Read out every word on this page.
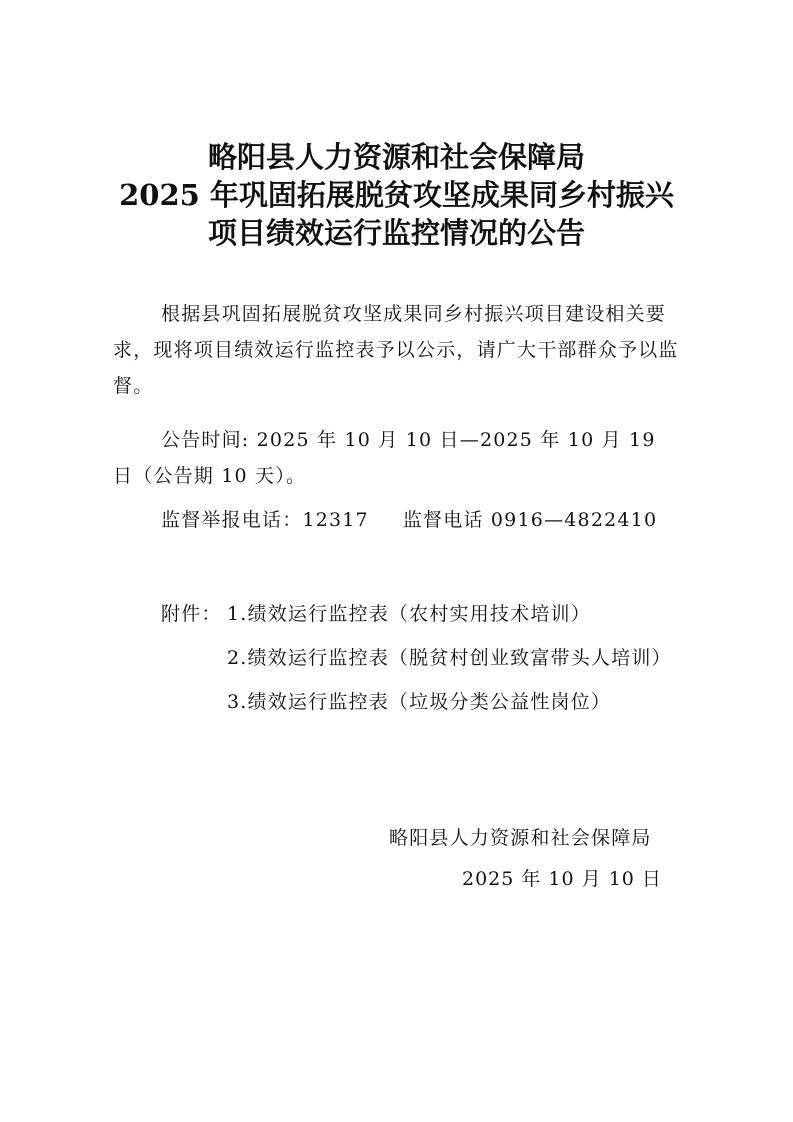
略阳县人力资源和社会保障局
2025 年巩固拓展脱贫攻坚成果同乡村振兴
项目绩效运行监控情况的公告
根据县巩固拓展脱贫攻坚成果同乡村振兴项目建设相关要求，现将项目绩效运行监控表予以公示，请广大干部群众予以监督。
公告时间: 2025 年 10 月 10 日—2025 年 10 月 19 日（公告期 10 天）。
监督举报电话：12317 监督电话 0916—4822410
附件： 1.绩效运行监控表（农村实用技术培训）
2.绩效运行监控表（脱贫村创业致富带头人培训）
3.绩效运行监控表（垃圾分类公益性岗位）
略阳县人力资源和社会保障局
2025 年 10 月 10 日
